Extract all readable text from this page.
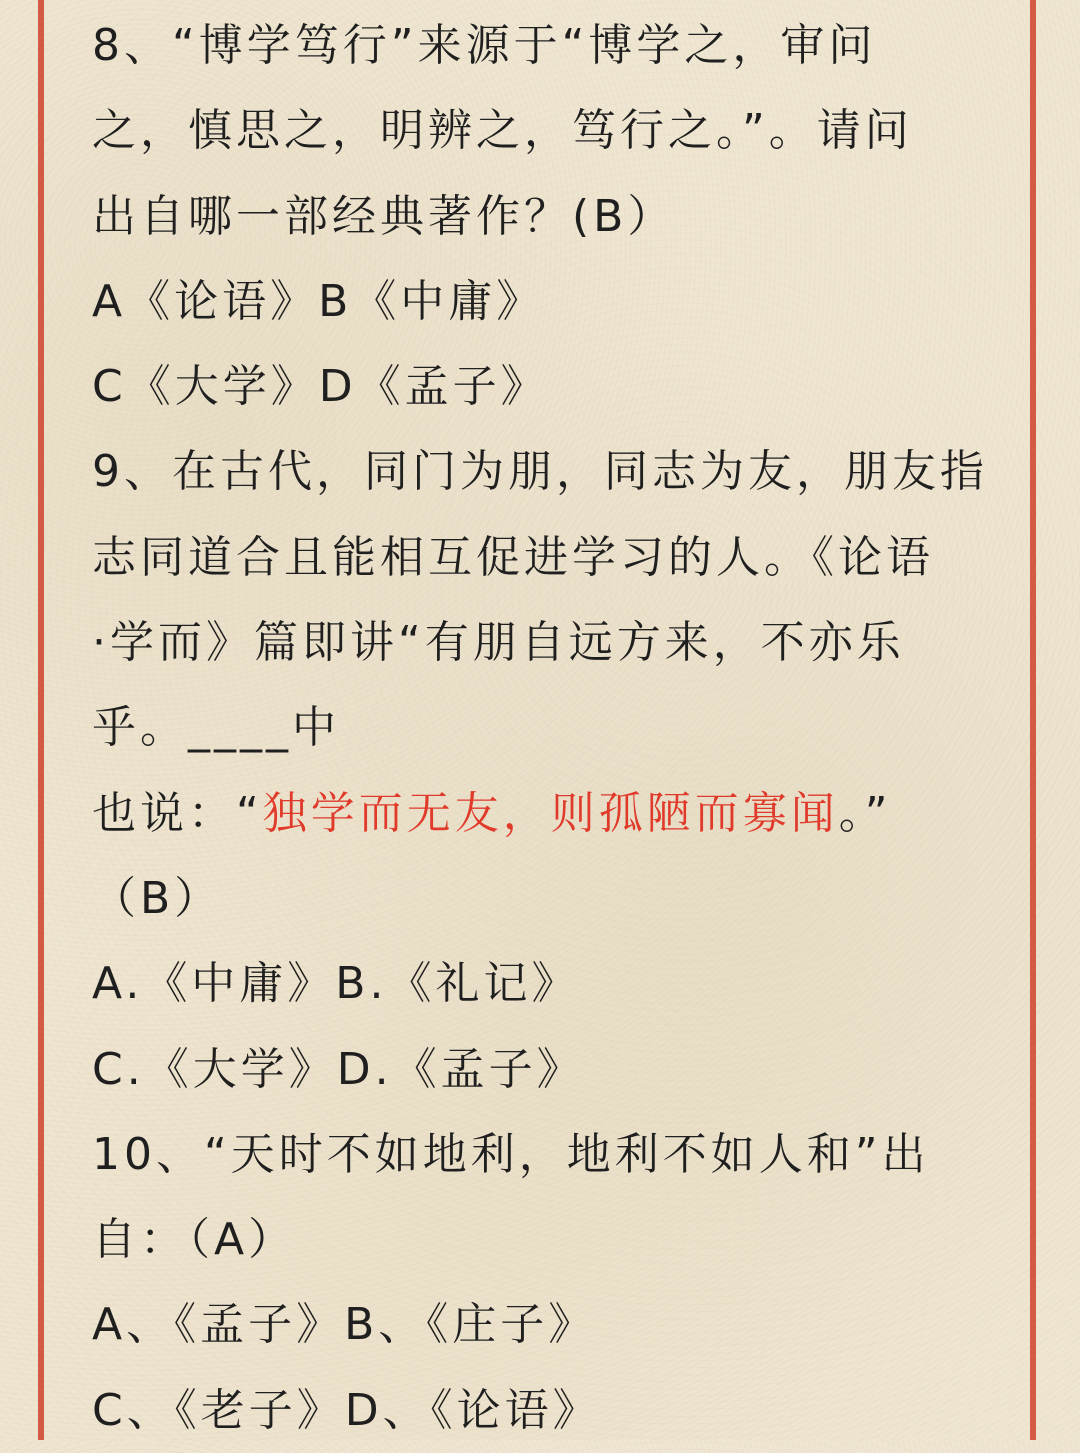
8、“博学笃行”来源于“博学之，审问
之，慎思之，明辨之，笃行之。”。请问
出自哪一部经典著作？(B）
A《论语》B《中庸》
C《大学》D《孟子》
9、在古代，同门为朋，同志为友，朋友指
志同道合且能相互促进学习的人。《论语
·学而》篇即讲“有朋自远方来，不亦乐
乎。____中
也说：“独学而无友，则孤陋而寡闻。”
（B）
A.《中庸》B.《礼记》
C.《大学》D.《孟子》
10、“天时不如地利，地利不如人和”出
自：（A）
A、《孟子》B、《庄子》
C、《老子》D、《论语》
